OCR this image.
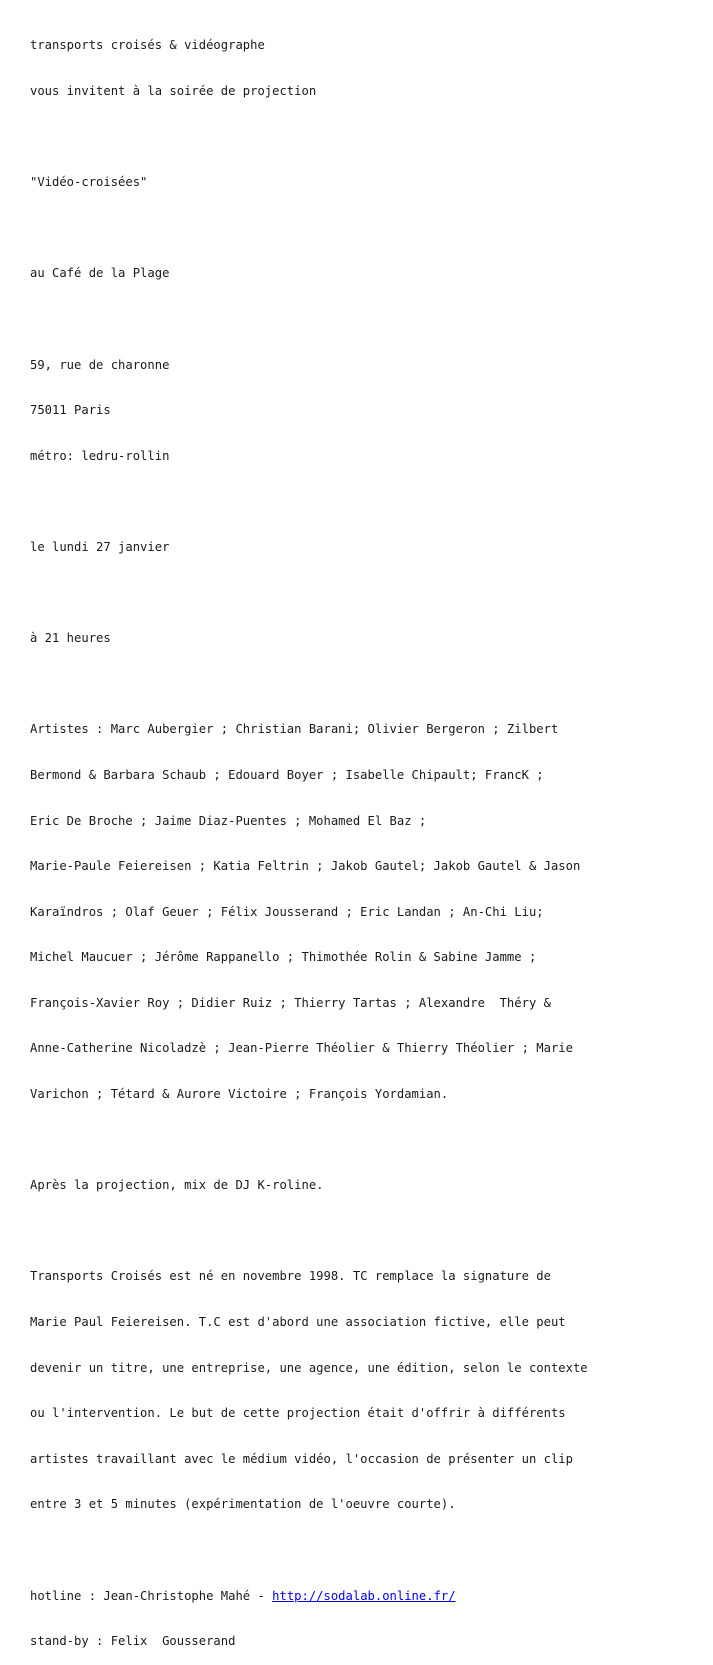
transports croisés & vidéographe

vous invitent à la soirée de projection

"Vidéo-croisées"

au Café de la Plage

59, rue de charonne

75011 Paris

métro: ledru-rollin

le lundi 27 janvier

à 21 heures

Artistes : Marc Aubergier ; Christian Barani; Olivier Bergeron ; Zilbert

Bermond & Barbara Schaub ; Edouard Boyer ; Isabelle Chipault; FrancK ;

Eric De Broche ; Jaime Diaz-Puentes ; Mohamed El Baz ;

Marie-Paule Feiereisen ; Katia Feltrin ; Jakob Gautel; Jakob Gautel & Jason

Karaïndros ; Olaf Geuer ; Félix Jousserand ; Eric Landan ; An-Chi Liu;

Michel Maucuer ; Jérôme Rappanello ; Thimothée Rolin & Sabine Jamme ;

François-Xavier Roy ; Didier Ruiz ; Thierry Tartas ; Alexandre  Théry &

Anne-Catherine Nicoladzè ; Jean-Pierre Théolier & Thierry Théolier ; Marie

Varichon ; Tétard & Aurore Victoire ; François Yordamian.

Après la projection, mix de DJ K-roline.

Transports Croisés est né en novembre 1998. TC remplace la signature de

Marie Paul Feiereisen. T.C est d'abord une association fictive, elle peut

devenir un titre, une entreprise, une agence, une édition, selon le contexte

ou l'intervention. Le but de cette projection était d'offrir à différents

artistes travaillant avec le médium vidéo, l'occasion de présenter un clip

entre 3 et 5 minutes (expérimentation de l'oeuvre courte).

hotline : Jean-Christophe Mahé - http://sodalab.online.fr/

stand-by : Felix  Gousserand
